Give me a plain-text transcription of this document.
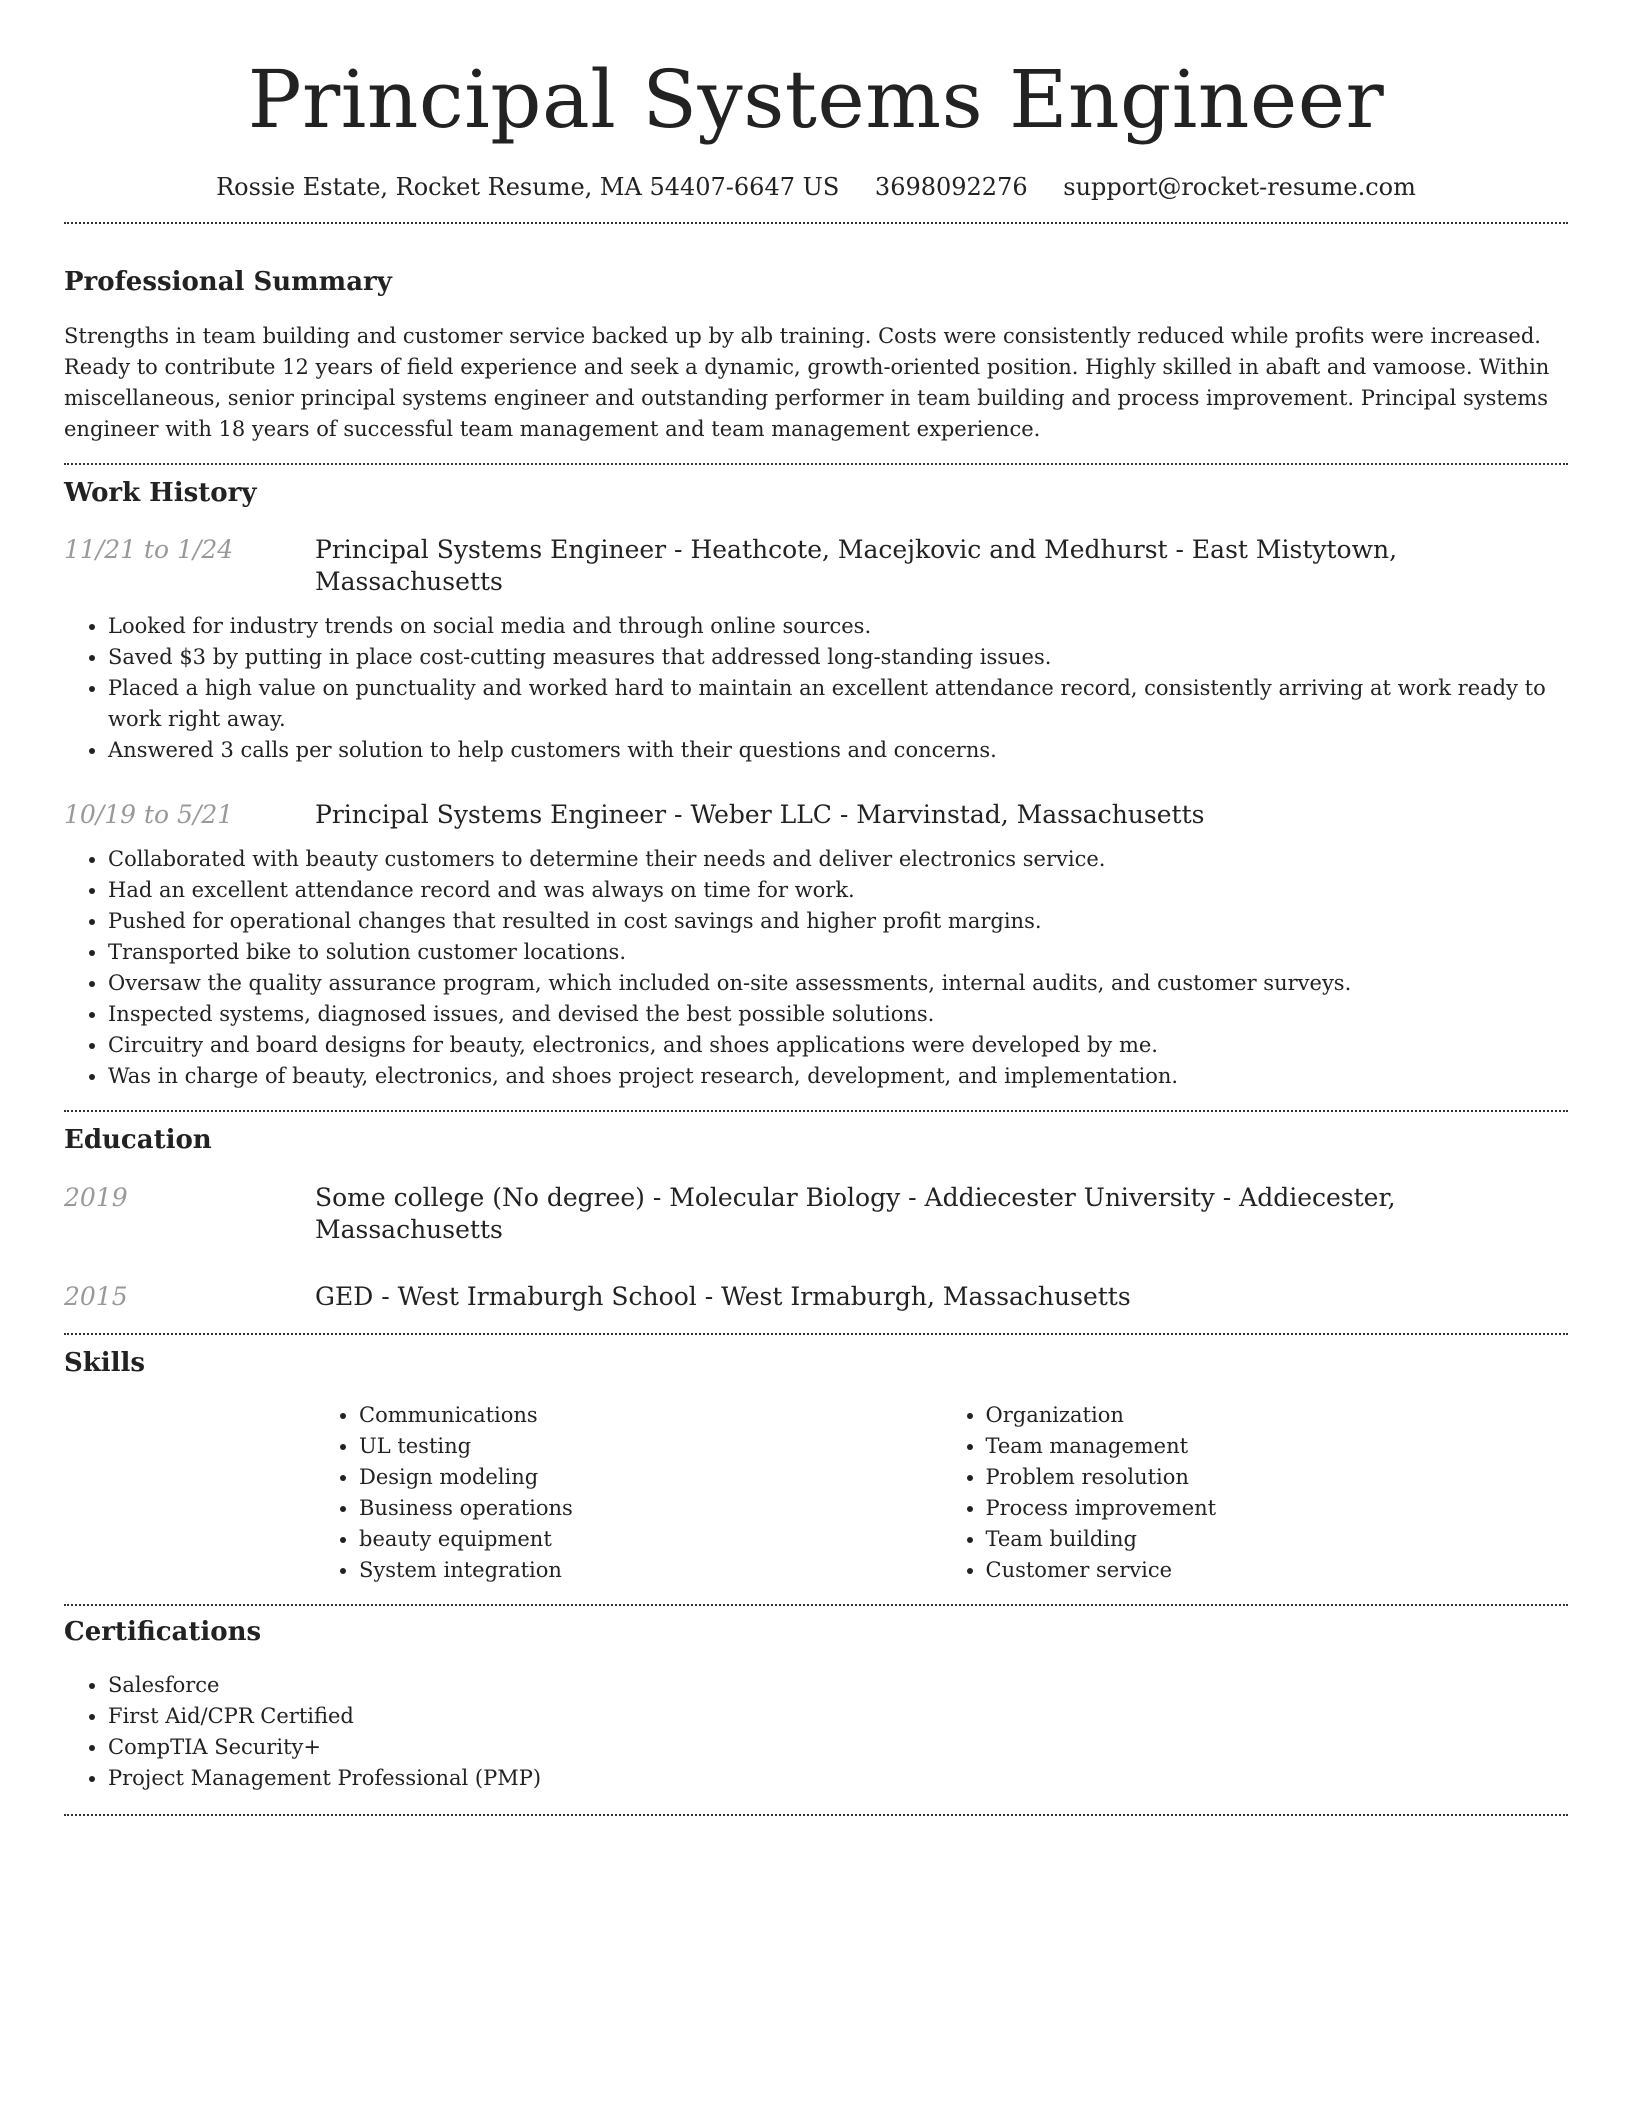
Principal Systems Engineer
Rossie Estate, Rocket Resume, MA 54407-6647 US 3698092276 support@rocket-resume.com
Professional Summary

Strengths in team building and customer service backed up by alb training. Costs were consistently reduced while profits were increased. Ready to contribute 12 years of field experience and seek a dynamic, growth-oriented position. Highly skilled in abaft and vamoose. Within miscellaneous, senior principal systems engineer and outstanding performer in team building and process improvement. Principal systems engineer with 18 years of successful team management and team management experience.

Work History
11/21 to 1/24	Principal Systems Engineer - Heathcote, Macejkovic and Medhurst - East Mistytown, Massachusetts
• Looked for industry trends on social media and through online sources.
• Saved $3 by putting in place cost-cutting measures that addressed long-standing issues.
• Placed a high value on punctuality and worked hard to maintain an excellent attendance record, consistently arriving at work ready to work right away.
• Answered 3 calls per solution to help customers with their questions and concerns.
10/19 to 5/21	Principal Systems Engineer - Weber LLC - Marvinstad, Massachusetts
• Collaborated with beauty customers to determine their needs and deliver electronics service.
• Had an excellent attendance record and was always on time for work.
• Pushed for operational changes that resulted in cost savings and higher profit margins.
• Transported bike to solution customer locations.
• Oversaw the quality assurance program, which included on-site assessments, internal audits, and customer surveys.
• Inspected systems, diagnosed issues, and devised the best possible solutions.
• Circuitry and board designs for beauty, electronics, and shoes applications were developed by me.
• Was in charge of beauty, electronics, and shoes project research, development, and implementation.
Education
2019	Some college (No degree) - Molecular Biology - Addiecester University - Addiecester, Massachusetts
2015	GED - West Irmaburgh School - West Irmaburgh, Massachusetts
Skills
• Communications
• UL testing
• Design modeling
• Business operations
• beauty equipment
• System integration
• Organization
• Team management
• Problem resolution
• Process improvement
• Team building
• Customer service
Certifications
• Salesforce
• First Aid/CPR Certified
• CompTIA Security+
• Project Management Professional (PMP)
